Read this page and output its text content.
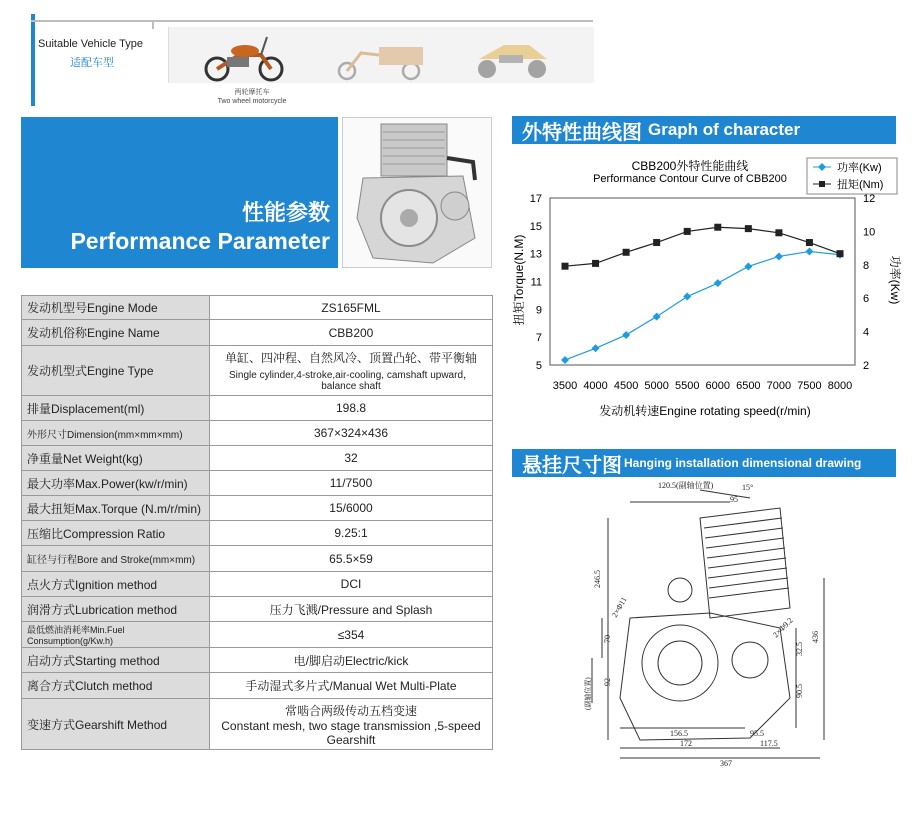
Suitable Vehicle Type
适配车型
两轮摩托车
Two wheel motorcycle
性能参数
Performance Parameter
发动机型号Engine Mode	ZS165FML
发动机俗称Engine Name	CBB200
发动机型式Engine Type	单缸、四冲程、自然风冷、顶置凸轮、带平衡轴
Single cylinder,4-stroke,air-cooling, camshaft upward，balance shaft

排量Displacement(ml)	198.8
外形尺寸Dimension(mm×mm×mm)	367×324×436
净重量Net Weight(kg)	32
最大功率Max.Power(kw/r/min)	11/7500
最大扭矩Max.Torque (N.m/r/min)	15/6000
压缩比Compression Ratio	9.25:1
缸径与行程Bore and Stroke(mm×mm)	65.5×59
点火方式Ignition method	DCI
润滑方式Lubrication method	压力飞溅/Pressure and Splash
最低燃油消耗率Min.Fuel Consumption(g/Kw.h)	≤354
启动方式Starting method	电/脚启动Electric/kick
离合方式Clutch method	手动湿式多片式/Manual Wet Multi-Plate
变速方式Gearshift Method	常啮合两级传动五档变速
Constant mesh, two stage transmission ,5-speed Gearshift
外特性曲线图 Graph of character
CBB200外特性能曲线
Performance Contour Curve of CBB200
功率(Kw)
扭矩(Nm)
5
7
9
11
13
15
17
2
4
6
8
10
12
3500 4000 4500 5000 5500 6000 6500 7000 7500 8000
扭矩Torque(N.M)	功率(Kw)
发动机转速Engine rotating speed(r/min)
悬挂尺寸图 Hanging installation dimensional drawing
120.5(副轴位置)
95
15°
246.5
2×Φ11
2×Φ9.2 436
70
32.5
90.5
92
(副轴位置)
156.5	95.5
172	117.5
367
